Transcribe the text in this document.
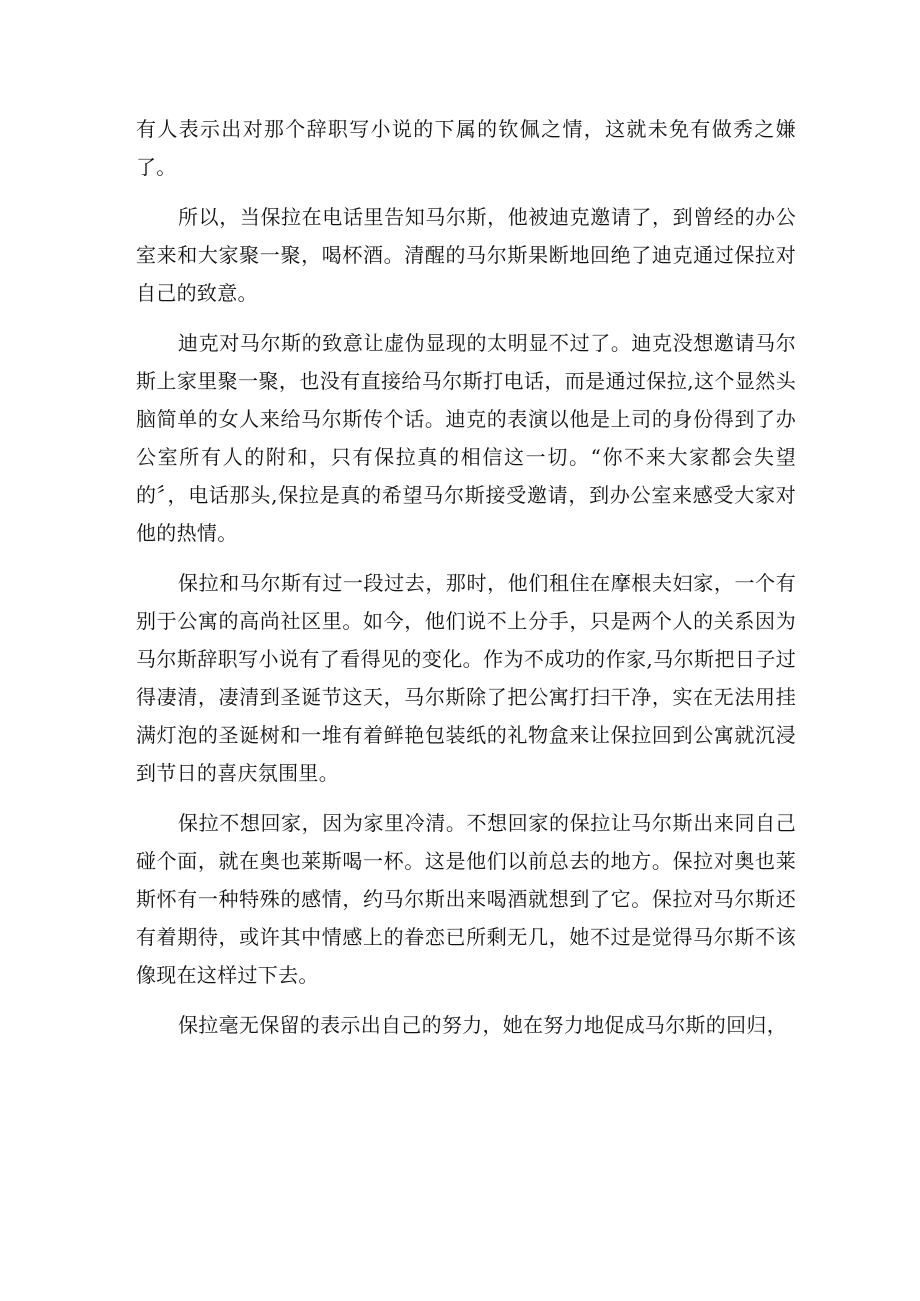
有人表示出对那个辞职写小说的下属的钦佩之情，这就未免有做秀之嫌了。

所以，当保拉在电话里告知马尔斯，他被迪克邀请了，到曾经的办公室来和大家聚一聚，喝杯酒。清醒的马尔斯果断地回绝了迪克通过保拉对自己的致意。

迪克对马尔斯的致意让虚伪显现的太明显不过了。迪克没想邀请马尔斯上家里聚一聚，也没有直接给马尔斯打电话，而是通过保拉,这个显然头脑简单的女人来给马尔斯传个话。迪克的表演以他是上司的身份得到了办公室所有人的附和，只有保拉真的相信这一切。“你不来大家都会失望的〞，电话那头,保拉是真的希望马尔斯接受邀请，到办公室来感受大家对他的热情。

保拉和马尔斯有过一段过去，那时，他们租住在摩根夫妇家，一个有别于公寓的高尚社区里。如今，他们说不上分手，只是两个人的关系因为马尔斯辞职写小说有了看得见的变化。作为不成功的作家,马尔斯把日子过得凄清，凄清到圣诞节这天，马尔斯除了把公寓打扫干净，实在无法用挂满灯泡的圣诞树和一堆有着鲜艳包装纸的礼物盒来让保拉回到公寓就沉浸到节日的喜庆氛围里。

保拉不想回家，因为家里冷清。不想回家的保拉让马尔斯出来同自己碰个面，就在奥也莱斯喝一杯。这是他们以前总去的地方。保拉对奥也莱斯怀有一种特殊的感情，约马尔斯出来喝酒就想到了它。保拉对马尔斯还有着期待，或许其中情感上的眷恋已所剩无几，她不过是觉得马尔斯不该像现在这样过下去。

保拉毫无保留的表示出自己的努力，她在努力地促成马尔斯的回归，
